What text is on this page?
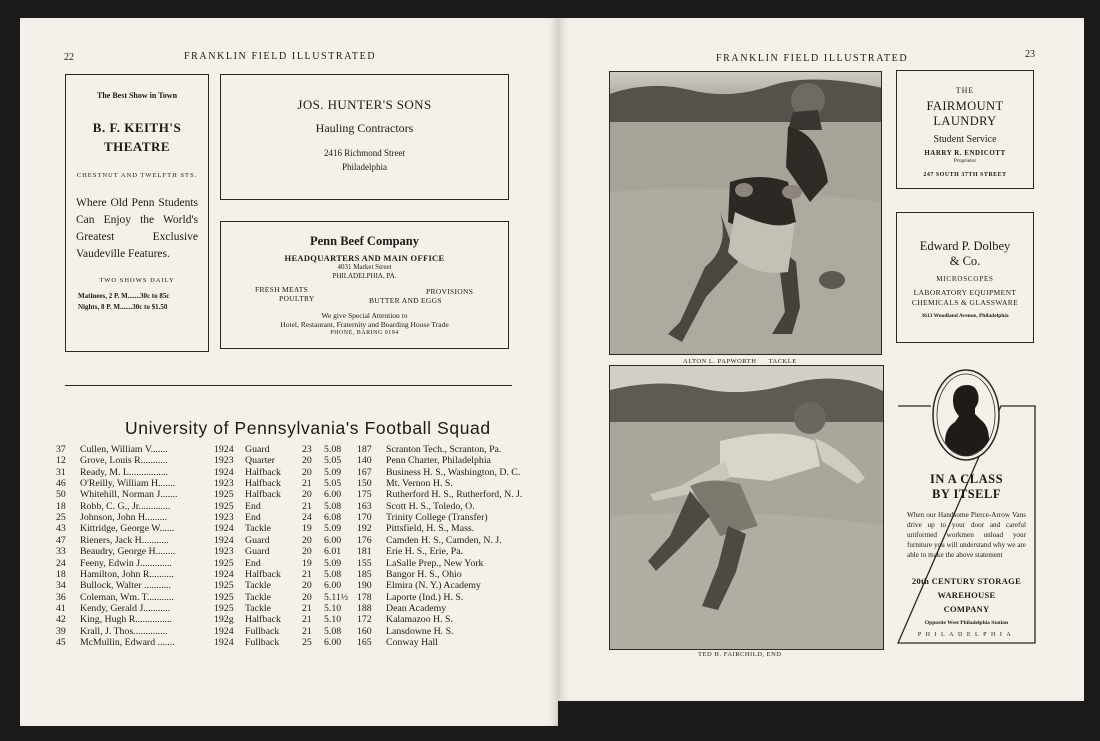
22	FRANKLIN FIELD ILLUSTRATED
The Best Show in Town
B. F. KEITH'S
THEATRE
CHESTNUT AND TWELFTH STS.
Where Old Penn Students Can Enjoy the World's Greatest Exclusive Vaudeville Features.
TWO SHOWS DAILY
Matinees, 2 P. M.......30c to 85c
Nights, 8 P. M.......30c to $1.50
JOS. HUNTER'S SONS
Hauling Contractors
2416 Richmond Street
Philadelphia
Penn Beef Company
HEADQUARTERS AND MAIN OFFICE
4031 Market Street
PHILADELPHIA, PA.
FRESH MEATS
POULTRY
PROVISIONS
BUTTER AND EGGS
We give Special Attention to
Hotel, Restaurant, Fraternity and Boarding House Trade
PHONE, BARING 0194
University of Pennsylvania's Football Squad
37 Cullen, William V.......	1924 Guard	23 5.08 187 Scranton Tech., Scranton, Pa.
12 Grove, Louis R...........	1923 Quarter	20 5.05 140 Penn Charter, Philadelphia
31 Ready, M. L................	1924 Halfback 20 5.09 167 Business H. S., Washington, D. C.
46 O'Reilly, William H.......	1923 Halfback 21 5.05 150 Mt. Vernon H. S.
50 Whitehill, Norman J.......	1925 Halfback 20 6.00 175 Rutherford H. S., Rutherford, N. J.
18 Robb, C. G., Jr.............	1925 End	21 5.08 163 Scott H. S., Toledo, O.
25 Johnson, John H.........	1923 End	24 6.08 170 Trinity College (Transfer)
43 Kittridge, George W......	1924 Tackle	19 5.09 192 Pittsfield, H. S., Mass.
47 Rieners, Jack H...........	1924 Guard	20 6.00 176 Camden H. S., Camden, N. J.
33 Beaudry, George H........	1923 Guard	20 6.01 181 Erie H. S., Erie, Pa.
24 Feeny, Edwin J.............	1925 End	19 5.09 155 LaSalle Prep., New York
18 Hamilton, John R..........	1924 Halfback 21 5.08 185 Bangor H. S., Ohio
34 Bullock, Walter ...........	1925 Tackle	20 6.00 190 Elmira (N. Y.) Academy
36 Coleman, Wm. T...........	1925 Tackle	20 5.11½ 178 Laporte (Ind.) H. S.
41 Kendy, Gerald J...........	1925 Tackle	21 5.10 188 Dean Academy
42 King, Hugh R...............	192g Halfback 21 5.10 172 Kalamazoo H. S.
39 Krall, J. Thos..............	1924 Fullback 21 5.08 160 Lansdowne H. S.
45 McMullin, Edward .......	1924 Fullback 25 6.00 165 Conway Hall
FRANKLIN FIELD ILLUSTRATED	23
ALTON L. PAPWORTH TACKLE
TED H. FAIRCHILD, END
THE
FAIRMOUNT
LAUNDRY
Student Service
HARRY R. ENDICOTT
Proprietor
247 SOUTH 37TH STREET
Edward P. Dolbey
& Co.
MICROSCOPES
LABORATORY EQUIPMENT
CHEMICALS & GLASSWARE
3613 Woodland Avenue, Philadelphia
IN A CLASS
BY ITSELF
When our Handsome Pierce-Arrow Vans drive up to your door and careful uniformed workmen unload your furniture you will understand why we are able to make the above statement
20th CENTURY STORAGE
WAREHOUSE
COMPANY
Opposite West Philadelphia Station
PHILADELPHIA
